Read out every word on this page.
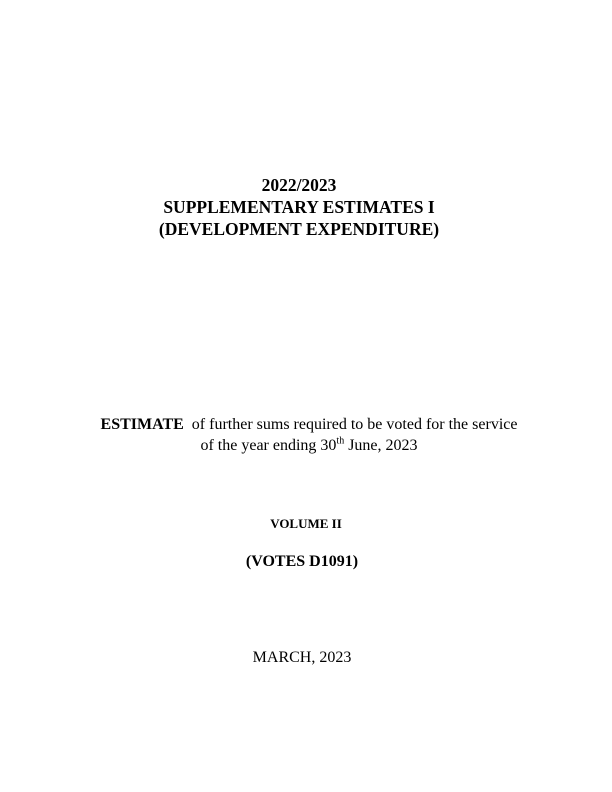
2022/2023
SUPPLEMENTARY ESTIMATES I
(DEVELOPMENT EXPENDITURE)
ESTIMATE of further sums required to be voted for the service
of the year ending 30th June, 2023
VOLUME II
(VOTES D1091)
MARCH, 2023
